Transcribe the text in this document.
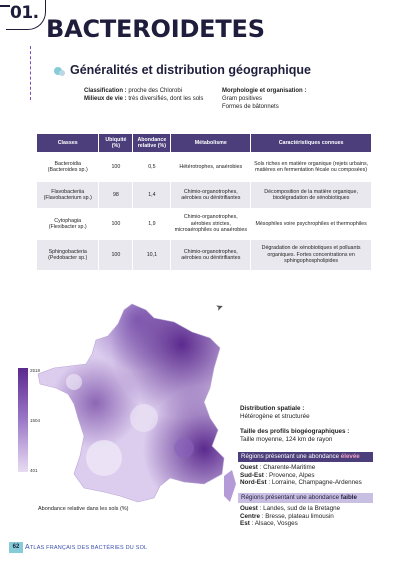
01.
BACTEROIDETES
Généralités et distribution géographique
Classification : proche des Chlorobi
Milieux de vie : très diversifiés, dont les sols
Morphologie et organisation :
Gram positives
Formes de bâtonnets
Classes	Ubiquité (%)	Abondance relative (%)	Métabolisme	Caractéristiques connues

Bacteroidia
(Bacteroides sp.)	100	0,5	Hétérotrophes, anaérobies	Sols riches en matière organique (rejets urbains, matières en fermentation fécale ou composées)

Flavobacteriia
(Flavobacterium sp.)	98	1,4	Chimio-organotrophes, aérobies ou dénitrifiantes	Décomposition de la matière organique, biodégradation de xénobiotiques

Cytophagia
(Flexibacter sp.)	100	1,9	Chimio-organotrophes, aérobies strictes, microaérophiles ou anaérobies	Mésophiles voire psychrophiles et thermophiles

Sphingobacteria
(Pedobacter sp.)	100	10,1	Chimio-organotrophes, aérobies ou dénitrifiantes	Dégradation de xénobiotiques et polluants organiques. Fortes concentrations en sphingophospholipides
➤
2518
1504
401
Abondance relative dans les sols (%)
Distribution spatiale :
Hétérogène et structurée
Taille des profils biogéographiques :
Taille moyenne, 124 km de rayon
Régions présentant une abondance élevée
Ouest : Charente-Maritime
Sud-Est : Provence, Alpes
Nord-Est : Lorraine, Champagne-Ardennes
Régions présentant une abondance faible
Ouest : Landes, sud de la Bretagne
Centre : Bresse, plateau limousin
Est : Alsace, Vosges
62 ATLAS FRANÇAIS DES BACTÉRIES DU SOL
